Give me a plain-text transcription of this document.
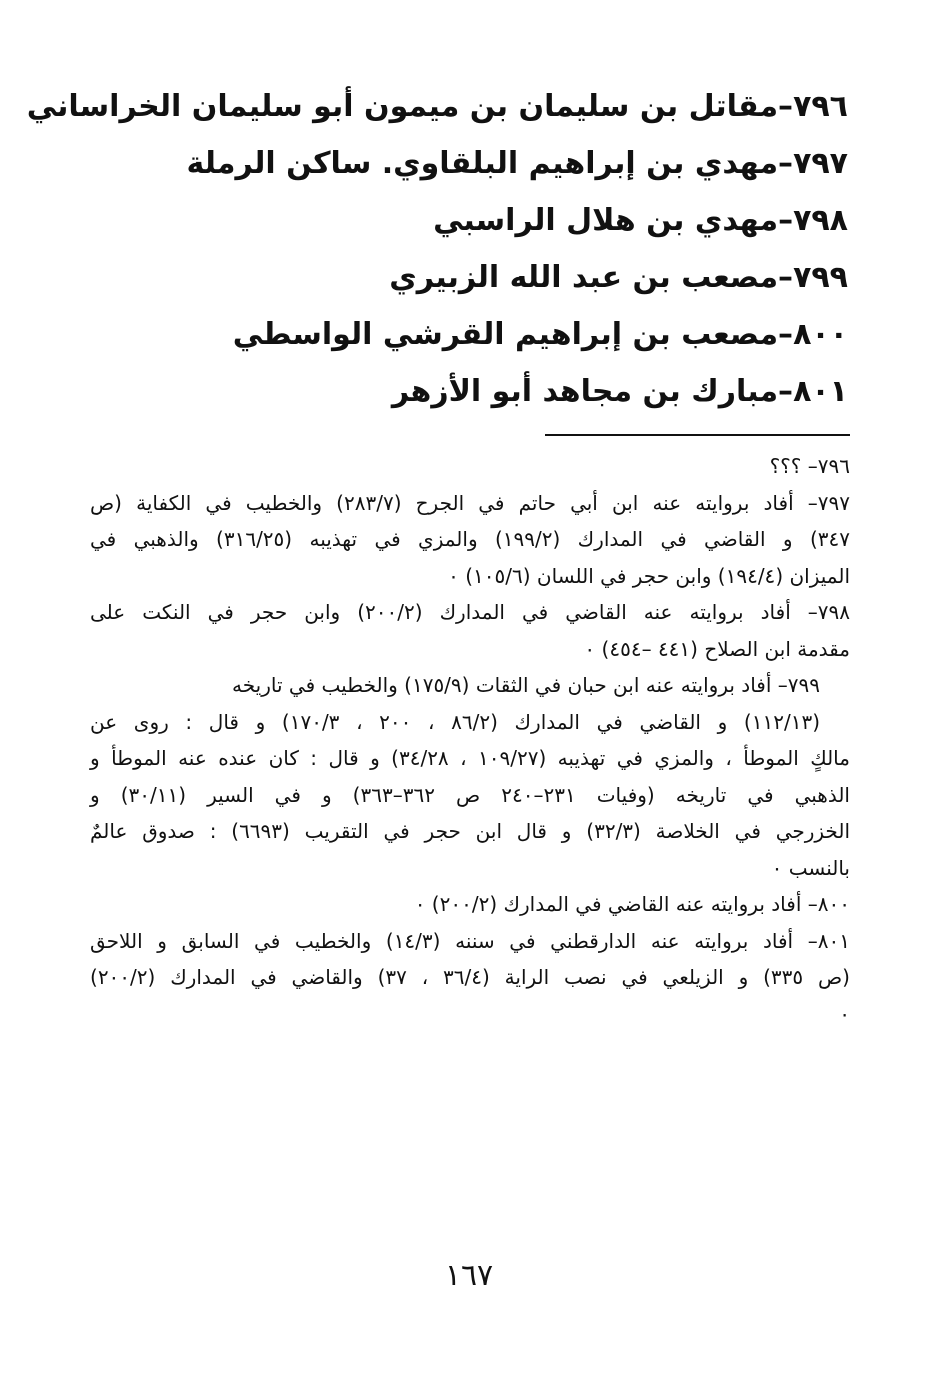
٧٩٦–مقاتل بن سليمان بن ميمون أبو سليمان الخراساني
٧٩٧–مهدي بن إبراهيم البلقاوي. ساكن الرملة
٧٩٨–مهدي بن هلال الراسبي
٧٩٩–مصعب بن عبد الله الزبيري
٨٠٠–مصعب بن إبراهيم القرشي الواسطي
٨٠١–مبارك بن مجاهد أبو الأزهر
٧٩٦– ؟؟؟
٧٩٧– أفاد بروايته عنه ابن أبي حاتم في الجرح (٢٨٣/٧) والخطيب في الكفاية (ص
٣٤٧) و القاضي في المدارك (١٩٩/٢) والمزي في تهذيبه (٣١٦/٢٥) والذهبي في
الميزان (١٩٤/٤) وابن حجر في اللسان (١٠٥/٦) ٠
٧٩٨– أفاد بروايته عنه القاضي في المدارك (٢٠٠/٢) وابن حجر في النكت على
مقدمة ابن الصلاح (٤٤١ –٤٥٤) ٠
٧٩٩– أفاد بروايته عنه ابن حبان في الثقات (١٧٥/٩) والخطيب في تاريخه
(١١٢/١٣) و القاضي في المدارك (٨٦/٢ ، ٢٠٠ ، ١٧٠/٣) و قال : روى عن
مالكٍ الموطأ ، والمزي في تهذيبه (١٠٩/٢٧ ، ٣٤/٢٨) و قال : كان عنده عنه الموطأ و
الذهبي في تاريخه (وفيات ٢٣١–٢٤٠ ص ٣٦٢–٣٦٣) و في السير (٣٠/١١) و
الخزرجي في الخلاصة (٣٢/٣) و قال ابن حجر في التقريب (٦٦٩٣) : صدوق عالمٌ
بالنسب ٠
٨٠٠– أفاد بروايته عنه القاضي في المدارك (٢٠٠/٢) ٠
٨٠١– أفاد بروايته عنه الدارقطني في سننه (١٤/٣) والخطيب في السابق و اللاحق
(ص ٣٣٥) و الزيلعي في نصب الراية (٣٦/٤ ، ٣٧) والقاضي في المدارك (٢٠٠/٢)
٠
١٦٧
